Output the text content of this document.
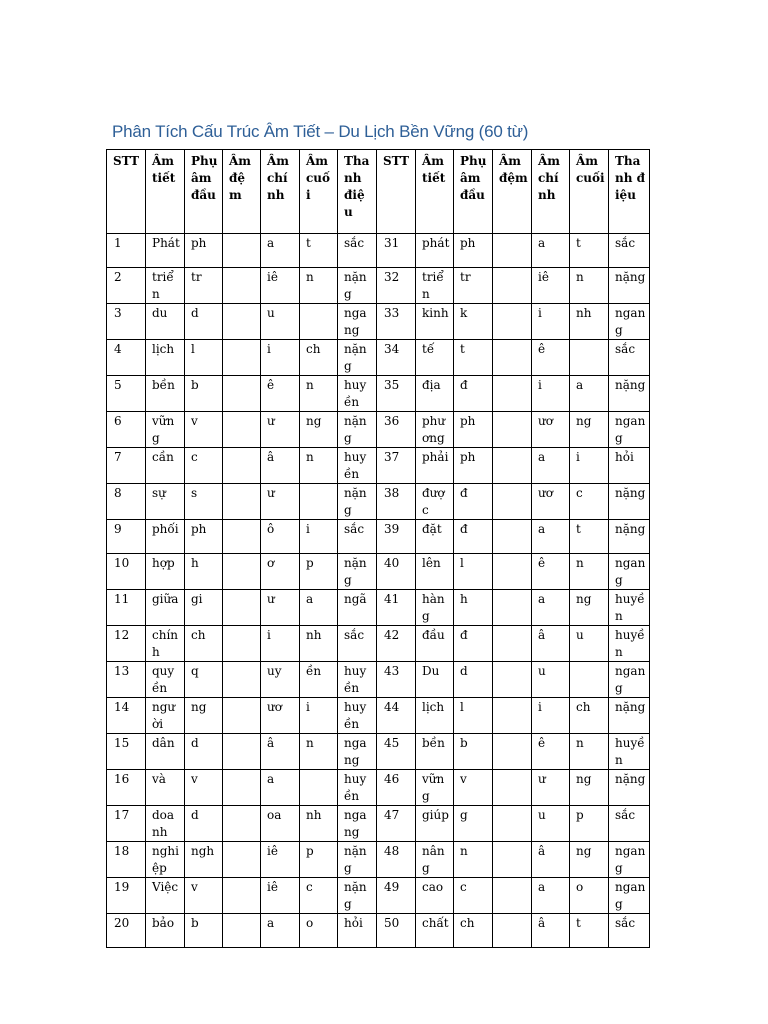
Phân Tích Cấu Trúc Âm Tiết – Du Lịch Bền Vững (60 từ)
STT	Âm tiết	Phụ âm đầu	Âm đệm	Âm chính	Âm cuối	Thanh điệu	STT	Âm tiết	Phụ âm đầu	Âm đệm	Âm chính	Âm cuối	Thanh điệu
1	Phát	ph		a	t	sắc	31	phát	ph		a	t	sắc
2	triển	tr		iê	n	nặng	32	triển	tr		iê	n	nặng
3	du	d		u		ngang	33	kinh	k		i	nh	ngang
4	lịch	l		i	ch	nặng	34	tế	t		ê		sắc
5	bền	b		ê	n	huyền	35	địa	đ		i	a	nặng
6	vững	v		ư	ng	nặng	36	phương	ph		ươ	ng	ngang
7	cần	c		â	n	huyền	37	phải	ph		a	i	hỏi
8	sự	s		ư		nặng	38	được	đ		ươ	c	nặng
9	phối	ph		ô	i	sắc	39	đặt	đ		a	t	nặng
10	hợp	h		ơ	p	nặng	40	lên	l		ê	n	ngang
11	giữa	gi		ư	a	ngã	41	hàng	h		a	ng	huyền
12	chính	ch		i	nh	sắc	42	đầu	đ		â	u	huyền
13	quyền	q		uy	ền	huyền	43	Du	d		u		ngang
14	người	ng		ươ	i	huyền	44	lịch	l		i	ch	nặng
15	dân	d		â	n	ngang	45	bền	b		ê	n	huyền
16	và	v		a		huyền	46	vững	v		ư	ng	nặng
17	doanh	d		oa	nh	ngang	47	giúp	g		u	p	sắc
18	nghiệp	ngh		iê	p	nặng	48	nâng	n		â	ng	ngang
19	Việc	v		iê	c	nặng	49	cao	c		a	o	ngang
20	bảo	b		a	o	hỏi	50	chất	ch		â	t	sắc
